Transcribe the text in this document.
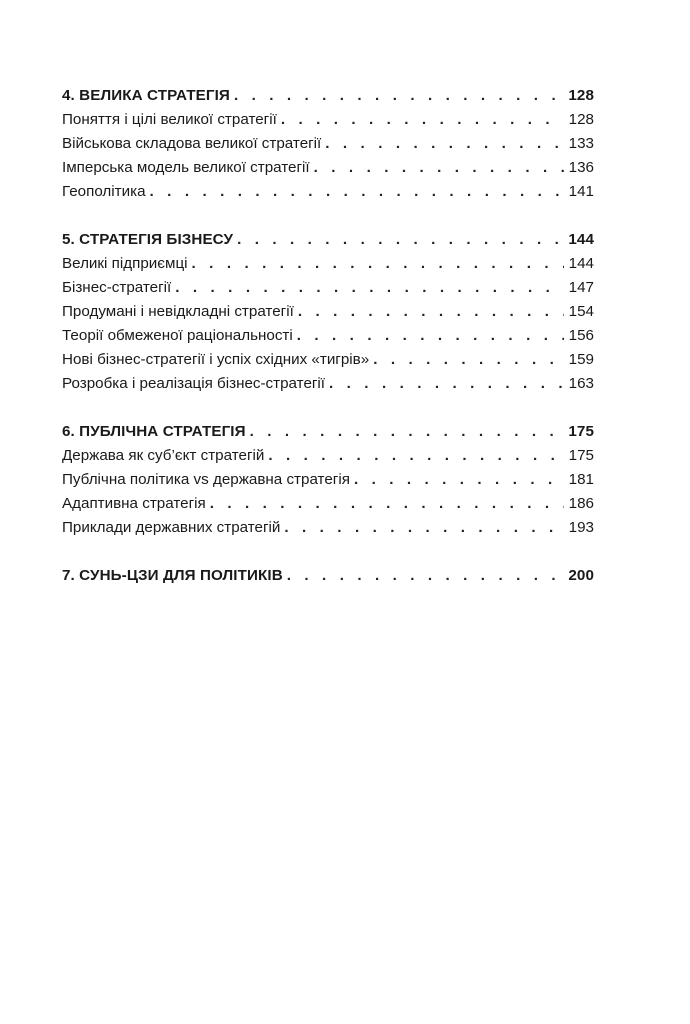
4. ВЕЛИКА СТРАТЕГІЯ . . .	128
Поняття і цілі великої стратегії . . .	128
Військова складова великої стратегії . . .	133
Імперська модель великої стратегії . . .	136
Геополітика . . .	141
5. СТРАТЕГІЯ БІЗНЕСУ . . .	144
Великі підприємці . . .	144
Бізнес-стратегії . . .	147
Продумані і невідкладні стратегії . . .	154
Теорії обмеженої раціональності . . .	156
Нові бізнес-стратегії і успіх східних «тигрів» . . .	159
Розробка і реалізація бізнес-стратегії . . .	163
6. ПУБЛІЧНА СТРАТЕГІЯ . . .	175
Держава як суб’єкт стратегій . . .	175
Публічна політика vs державна стратегія . . .	181
Адаптивна стратегія . . .	186
Приклади державних стратегій . . .	193
7. СУНЬ-ЦЗИ ДЛЯ ПОЛІТИКІВ . . .	200
